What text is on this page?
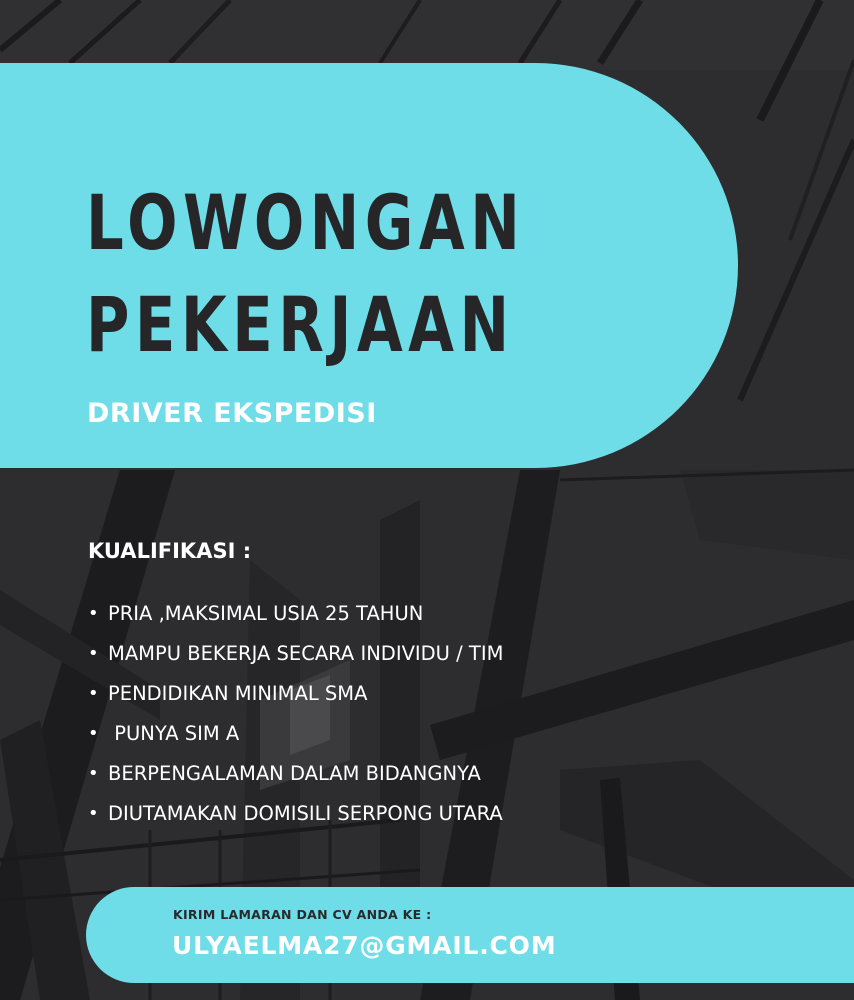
LOWONGAN
PEKERJAAN
DRIVER EKSPEDISI
KUALIFIKASI :
• PRIA ,MAKSIMAL USIA 25 TAHUN
• MAMPU BEKERJA SECARA INDIVIDU / TIM
• PENDIDIKAN MINIMAL SMA
• PUNYA SIM A
• BERPENGALAMAN DALAM BIDANGNYA
• DIUTAMAKAN DOMISILI SERPONG UTARA
KIRIM LAMARAN DAN CV ANDA KE :
ULYAELMA27@GMAIL.COM
